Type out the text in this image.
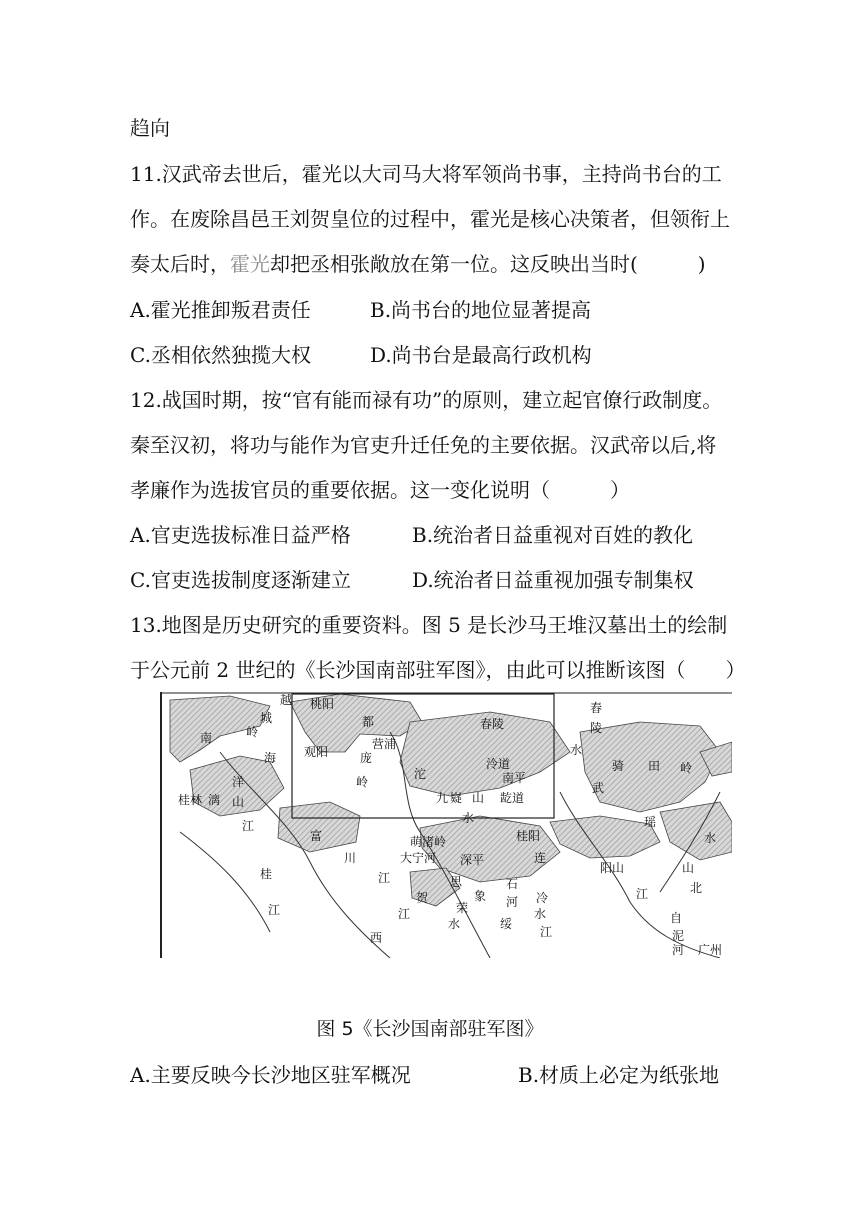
趋向
11.汉武帝去世后，霍光以大司马大将军领尚书事，主持尚书台的工
作。在废除昌邑王刘贺皇位的过程中，霍光是核心决策者，但领衔上
奏太后时，霍光却把丞相张敞放在第一位。这反映出当时(　　　)
A.霍光推卸叛君责任	B.尚书台的地位显著提高
C.丞相依然独揽大权	D.尚书台是最高行政机构
12.战国时期，按“官有能而禄有功”的原则，建立起官僚行政制度。
秦至汉初，将功与能作为官吏升迁任免的主要依据。汉武帝以后,将
孝廉作为选拔官员的重要依据。这一变化说明（　　　）
A.官吏选拔标准日益严格	B.统治者日益重视对百姓的教化
C.官吏选拔制度逐渐建立	D.统治者日益重视加强专制集权
13.地图是历史研究的重要资料。图 5 是长沙马王堆汉墓出土的绘制
于公元前 2 世纪的《长沙国南部驻军图》，由此可以推断该图（　　）
越 桃阳
城
岭
南
都
营浦
春陵
舂
陵
水
骑 田 岭
观阳	庞
沱
泠道
南平
海
洋	岭
九 嶷 山 龁道
武
桂林 漓 山
水
桂阳
瑶
水
江
富	萌渚岭
川	大宁河 深平	连
阳山	山
江	思	石	北
江
桂
象 河 冷
贺
荣
水
江	江	水
绥	自
泥
河
西	江
广州
图 5《长沙国南部驻军图》
A.主要反映今长沙地区驻军概况	B.材质上必定为纸张地
